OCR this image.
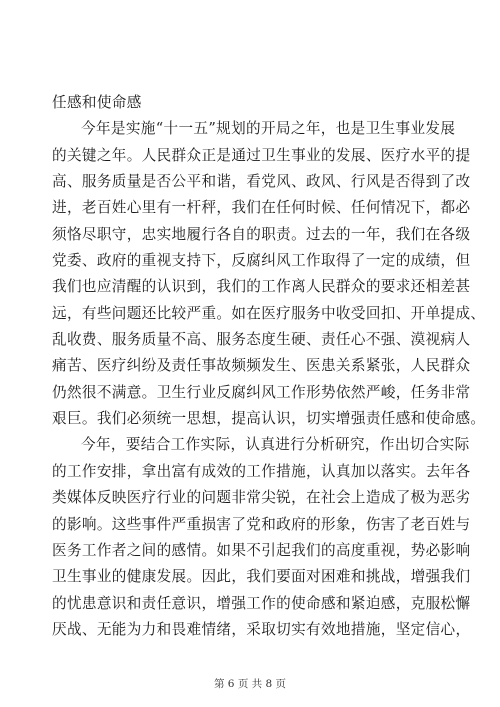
任感和使命感
今年是实施“十一五”规划的开局之年，也是卫生事业发展
的关键之年。人民群众正是通过卫生事业的发展、医疗水平的提
高、服务质量是否公平和谐，看党风、政风、行风是否得到了改
进，老百姓心里有一杆秤，我们在任何时候、任何情况下，都必
须恪尽职守，忠实地履行各自的职责。过去的一年，我们在各级
党委、政府的重视支持下，反腐纠风工作取得了一定的成绩，但
我们也应清醒的认识到，我们的工作离人民群众的要求还相差甚
远，有些问题还比较严重。如在医疗服务中收受回扣、开单提成、
乱收费、服务质量不高、服务态度生硬、责任心不强、漠视病人
痛苦、医疗纠纷及责任事故频频发生、医患关系紧张，人民群众
仍然很不满意。卫生行业反腐纠风工作形势依然严峻，任务非常
艰巨。我们必须统一思想，提高认识，切实增强责任感和使命感。
今年，要结合工作实际，认真进行分析研究，作出切合实际
的工作安排，拿出富有成效的工作措施，认真加以落实。去年各
类媒体反映医疗行业的问题非常尖锐，在社会上造成了极为恶劣
的影响。这些事件严重损害了党和政府的形象，伤害了老百姓与
医务工作者之间的感情。如果不引起我们的高度重视，势必影响
卫生事业的健康发展。因此，我们要面对困难和挑战，增强我们
的忧患意识和责任意识，增强工作的使命感和紧迫感，克服松懈
厌战、无能为力和畏难情绪，采取切实有效地措施，坚定信心，
第 6 页 共 8 页
